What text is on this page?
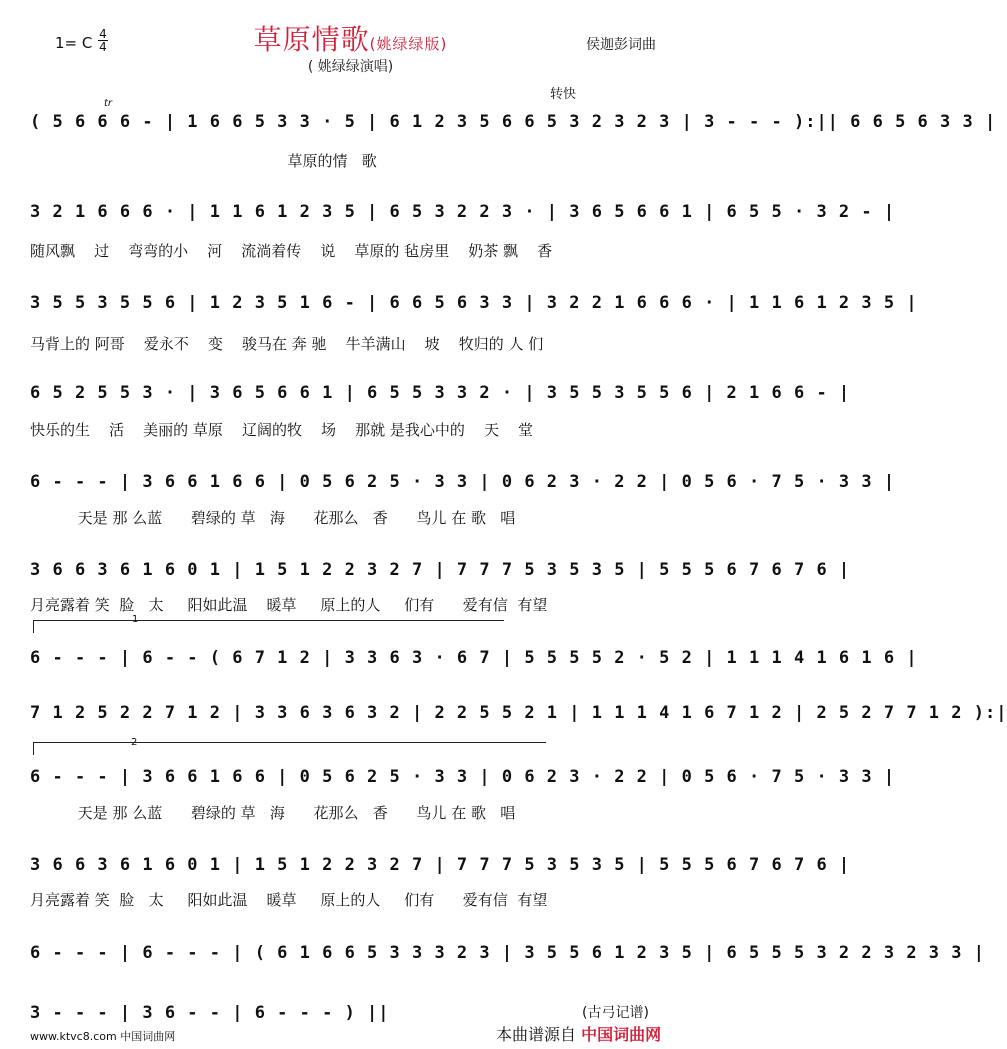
草原情歌(姚绿绿版)
1= C 4
4	侯迦彭词曲
( 姚绿绿演唱)
转快
tr
( 5 6 6 6 - | 1 6 6 5 3 3 · 5 | 6 1 2 3 5 6 6 5 3 2 3 2 3 | 3 - - - ):|| 6 6 5 6 3 3 |
草原的情   歌
3 2 1 6 6 6 · | 1 1 6 1 2 3 5 | 6 5 3 2 2 3 · | 3 6 5 6 6 1 | 6 5 5 · 3 2 - |
随风飘    过    弯弯的小    河    流淌着传    说    草原的 毡房里    奶茶 飘    香
3 5 5 3 5 5 6 | 1 2 3 5 1 6 - | 6 6 5 6 3 3 | 3 2 2 1 6 6 6 · | 1 1 6 1 2 3 5 |
马背上的 阿哥    爱永不    变    骏马在 奔 驰    牛羊满山    坡    牧归的 人 们
6 5 2 5 5 3 · | 3 6 5 6 6 1 | 6 5 5 3 3 2 · | 3 5 5 3 5 5 6 | 2 1 6 6 - |
快乐的生    活    美丽的 草原    辽阔的牧    场    那就 是我心中的    天    堂
6 - - - | 3 6 6 1 6 6 | 0 5 6 2 5 · 3 3 | 0 6 2 3 · 2 2 | 0 5 6 · 7 5 · 3 3 |
天是 那 么蓝      碧绿的 草   海      花那么   香      鸟儿 在 歌   唱
3 6 6 3 6 1 6 0 1 | 1 5 1 2 2 3 2 7 | 7 7 7 5 3 5 3 5 | 5 5 5 6 7 6 7 6 |
月亮露着 笑  脸   太     阳如此温    暖草     原上的人     们有      爱有信  有望
1
6 - - - | 6 - - ( 6 7 1 2 | 3 3 6 3 · 6 7 | 5 5 5 5 2 · 5 2 | 1 1 1 4 1 6 1 6 |
7 1 2 5 2 2 7 1 2 | 3 3 6 3 6 3 2 | 2 2 5 5 2 1 | 1 1 1 4 1 6 7 1 2 | 2 5 2 7 7 1 2 ):|
2
6 - - - | 3 6 6 1 6 6 | 0 5 6 2 5 · 3 3 | 0 6 2 3 · 2 2 | 0 5 6 · 7 5 · 3 3 |
天是 那 么蓝      碧绿的 草   海      花那么   香      鸟儿 在 歌   唱
3 6 6 3 6 1 6 0 1 | 1 5 1 2 2 3 2 7 | 7 7 7 5 3 5 3 5 | 5 5 5 6 7 6 7 6 |
月亮露着 笑  脸   太     阳如此温    暖草     原上的人     们有      爱有信  有望
6 - - - | 6 - - - | ( 6 1 6 6 5 3 3 3 2 3 | 3 5 5 6 1 2 3 5 | 6 5 5 5 3 2 2 3 2 3 3 |
3 - - - | 3 6 - - | 6 - - - ) ||	(古弓记谱)
www.ktvc8.com 中国词曲网	本曲谱源自 中国词曲网
